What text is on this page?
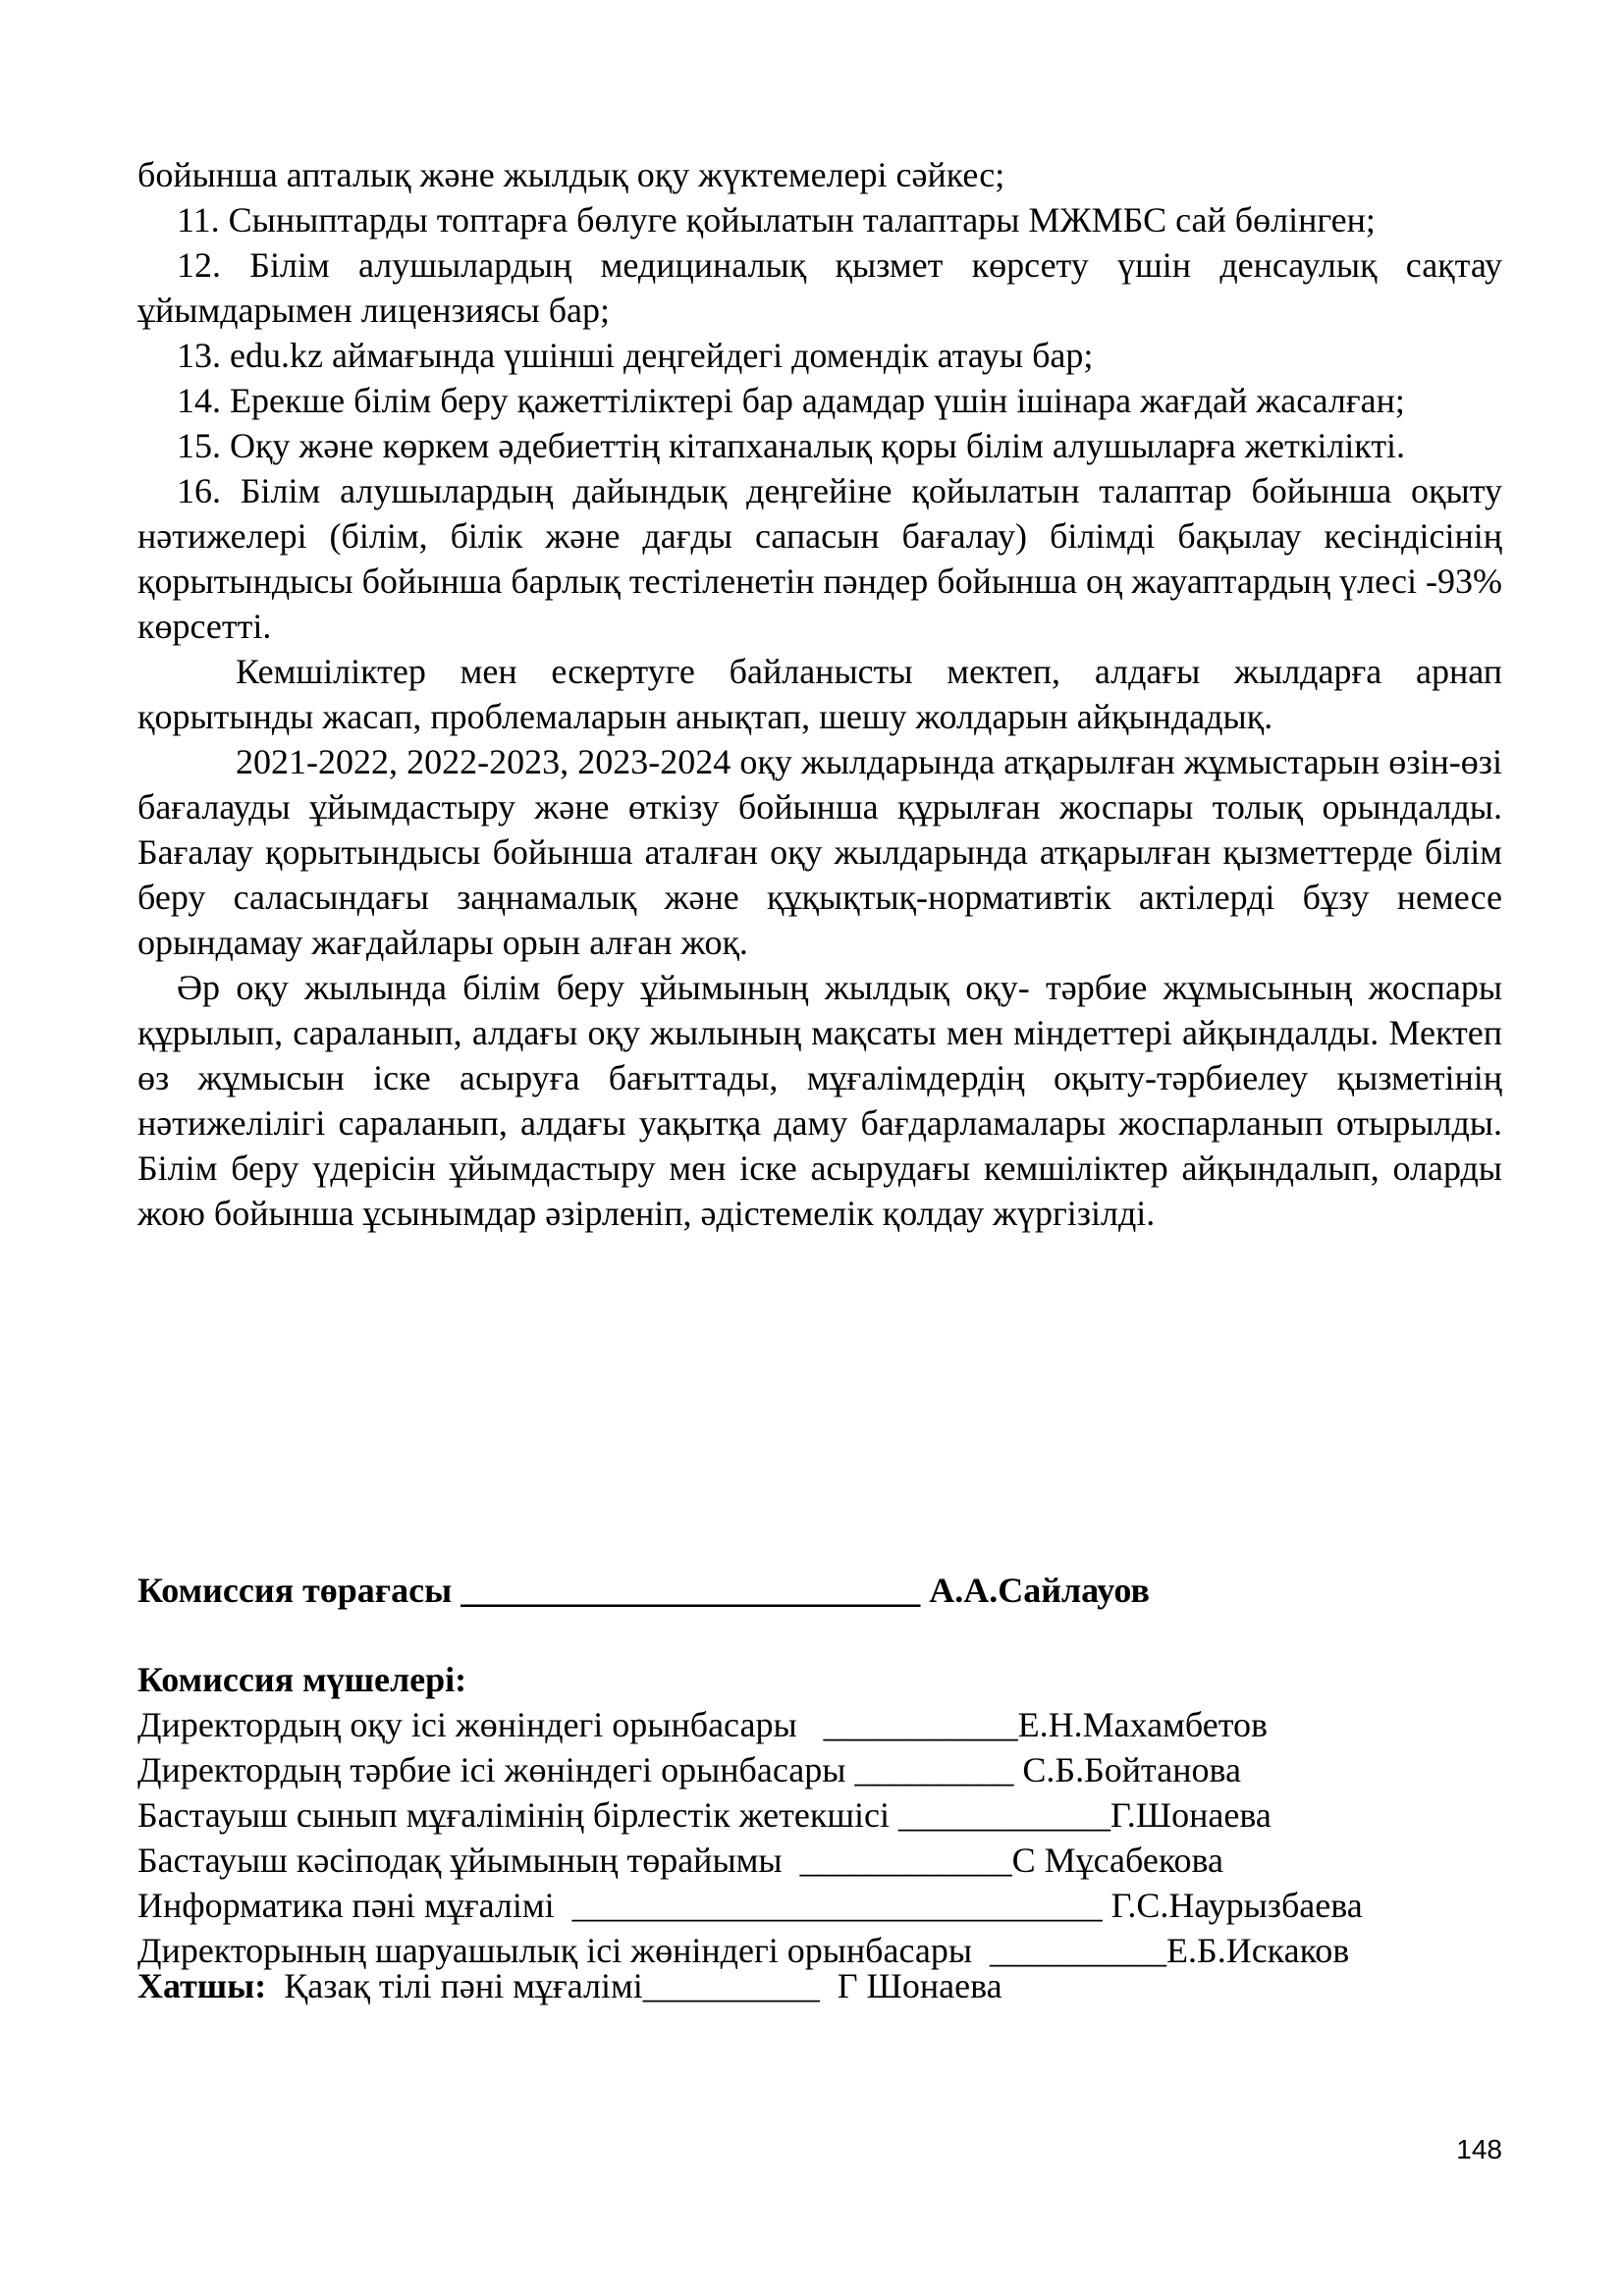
бойынша апталық және жылдық оқу жүктемелері сәйкес;

11. Сыныптарды топтарға бөлуге қойылатын талаптары МЖМБС сай бөлінген;

12. Білім алушылардың медициналық қызмет көрсету үшін денсаулық сақтау ұйымдарымен лицензиясы бар;

13. edu.kz аймағында үшінші деңгейдегі домендік атауы бар;

14. Ерекше білім беру қажеттіліктері бар адамдар үшін ішінара жағдай жасалған;

15. Оқу және көркем әдебиеттің кітапханалық қоры білім алушыларға жеткілікті.

16. Білім алушылардың дайындық деңгейіне қойылатын талаптар бойынша оқыту нәтижелері (білім, білік және дағды сапасын бағалау) білімді бақылау кесіндісінің қорытындысы бойынша барлық тестіленетін пәндер бойынша оң жауаптардың үлесі -93% көрсетті.

Кемшіліктер мен ескертуге байланысты мектеп, алдағы жылдарға арнап қорытынды жасап, проблемаларын анықтап, шешу жолдарын айқындадық.

2021-2022, 2022-2023, 2023-2024 оқу жылдарында атқарылған жұмыстарын өзін-өзі бағалауды ұйымдастыру және өткізу бойынша құрылған жоспары толық орындалды. Бағалау қорытындысы бойынша аталған оқу жылдарында атқарылған қызметтерде білім беру саласындағы заңнамалық және құқықтық-нормативтік актілерді бұзу немесе орындамау жағдайлары орын алған жоқ.

Әр оқу жылында білім беру ұйымының жылдық оқу- тәрбие жұмысының жоспары құрылып, сараланып, алдағы оқу жылының мақсаты мен міндеттері айқындалды. Мектеп өз жұмысын іске асыруға бағыттады, мұғалімдердің оқыту-тәрбиелеу қызметінің нәтижелілігі сараланып, алдағы уақытқа даму бағдарламалары жоспарланып отырылды. Білім беру үдерісін ұйымдастыру мен іске асырудағы кемшіліктер айқындалып, оларды жою бойынша ұсынымдар әзірленіп, әдістемелік қолдау жүргізілді.

Комиссия төрағасы __________________________ А.А.Сайлауов
Комиссия мүшелері:
Директордың оқу ісі жөніндегі орынбасары   ___________Е.Н.Махамбетов
Директордың тәрбие ісі жөніндегі орынбасары _________ С.Б.Бойтанова
Бастауыш сынып мұғалімінің бірлестік жетекшісі ____________Г.Шонаева
Бастауыш кәсіподақ ұйымының төрайымы  ____________С Мұсабекова
Информатика пәні мұғалімі  ______________________________ Г.С.Наурызбаева
Директорының шаруашылық ісі жөніндегі орынбасары  __________Е.Б.Искаков
Хатшы:  Қазақ тілі пәні мұғалімі__________  Г Шонаева
148
